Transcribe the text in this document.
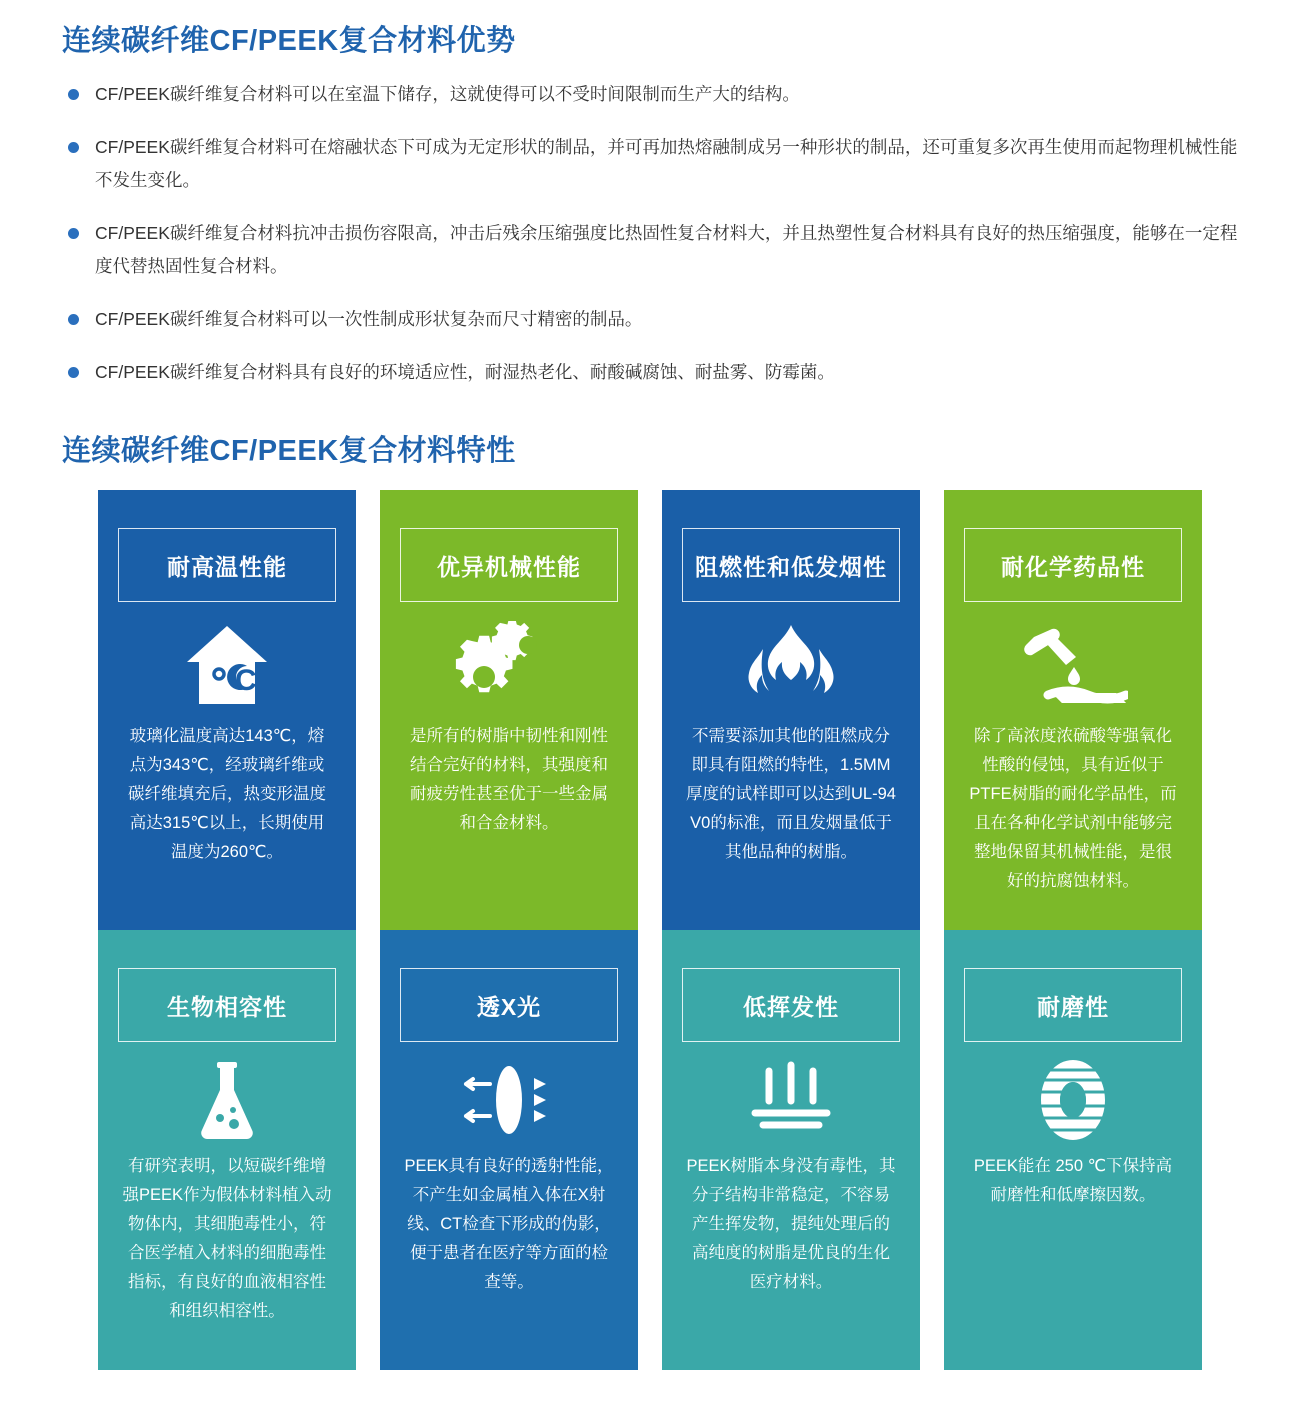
连续碳纤维CF/PEEK复合材料优势
CF/PEEK碳纤维复合材料可以在室温下储存，这就使得可以不受时间限制而生产大的结构。
CF/PEEK碳纤维复合材料可在熔融状态下可成为无定形状的制品，并可再加热熔融制成另一种形状的制品，还可重复多次再生使用而起物理机械性能不发生变化。
CF/PEEK碳纤维复合材料抗冲击损伤容限高，冲击后残余压缩强度比热固性复合材料大，并且热塑性复合材料具有良好的热压缩强度，能够在一定程度代替热固性复合材料。
CF/PEEK碳纤维复合材料可以一次性制成形状复杂而尺寸精密的制品。
CF/PEEK碳纤维复合材料具有良好的环境适应性，耐湿热老化、耐酸碱腐蚀、耐盐雾、防霉菌。
连续碳纤维CF/PEEK复合材料特性
耐高温性能
C
玻璃化温度高达143℃，熔点为343℃，经玻璃纤维或碳纤维填充后，热变形温度高达315℃以上，长期使用温度为260℃。
优异机械性能
是所有的树脂中韧性和刚性结合完好的材料，其强度和耐疲劳性甚至优于一些金属和合金材料。
阻燃性和低发烟性
不需要添加其他的阻燃成分即具有阻燃的特性，1.5MM厚度的试样即可以达到UL-94 V0的标准，而且发烟量低于其他品种的树脂。
耐化学药品性
除了高浓度浓硫酸等强氧化性酸的侵蚀，具有近似于PTFE树脂的耐化学品性，而且在各种化学试剂中能够完整地保留其机械性能，是很好的抗腐蚀材料。
生物相容性
有研究表明，以短碳纤维增强PEEK作为假体材料植入动物体内，其细胞毒性小，符合医学植入材料的细胞毒性指标，有良好的血液相容性和组织相容性。
透X光
PEEK具有良好的透射性能，不产生如金属植入体在X射线、CT检查下形成的伪影，便于患者在医疗等方面的检查等。
低挥发性
PEEK树脂本身没有毒性，其分子结构非常稳定，不容易产生挥发物，提纯处理后的高纯度的树脂是优良的生化医疗材料。
耐磨性
PEEK能在 250 ℃下保持高耐磨性和低摩擦因数。
